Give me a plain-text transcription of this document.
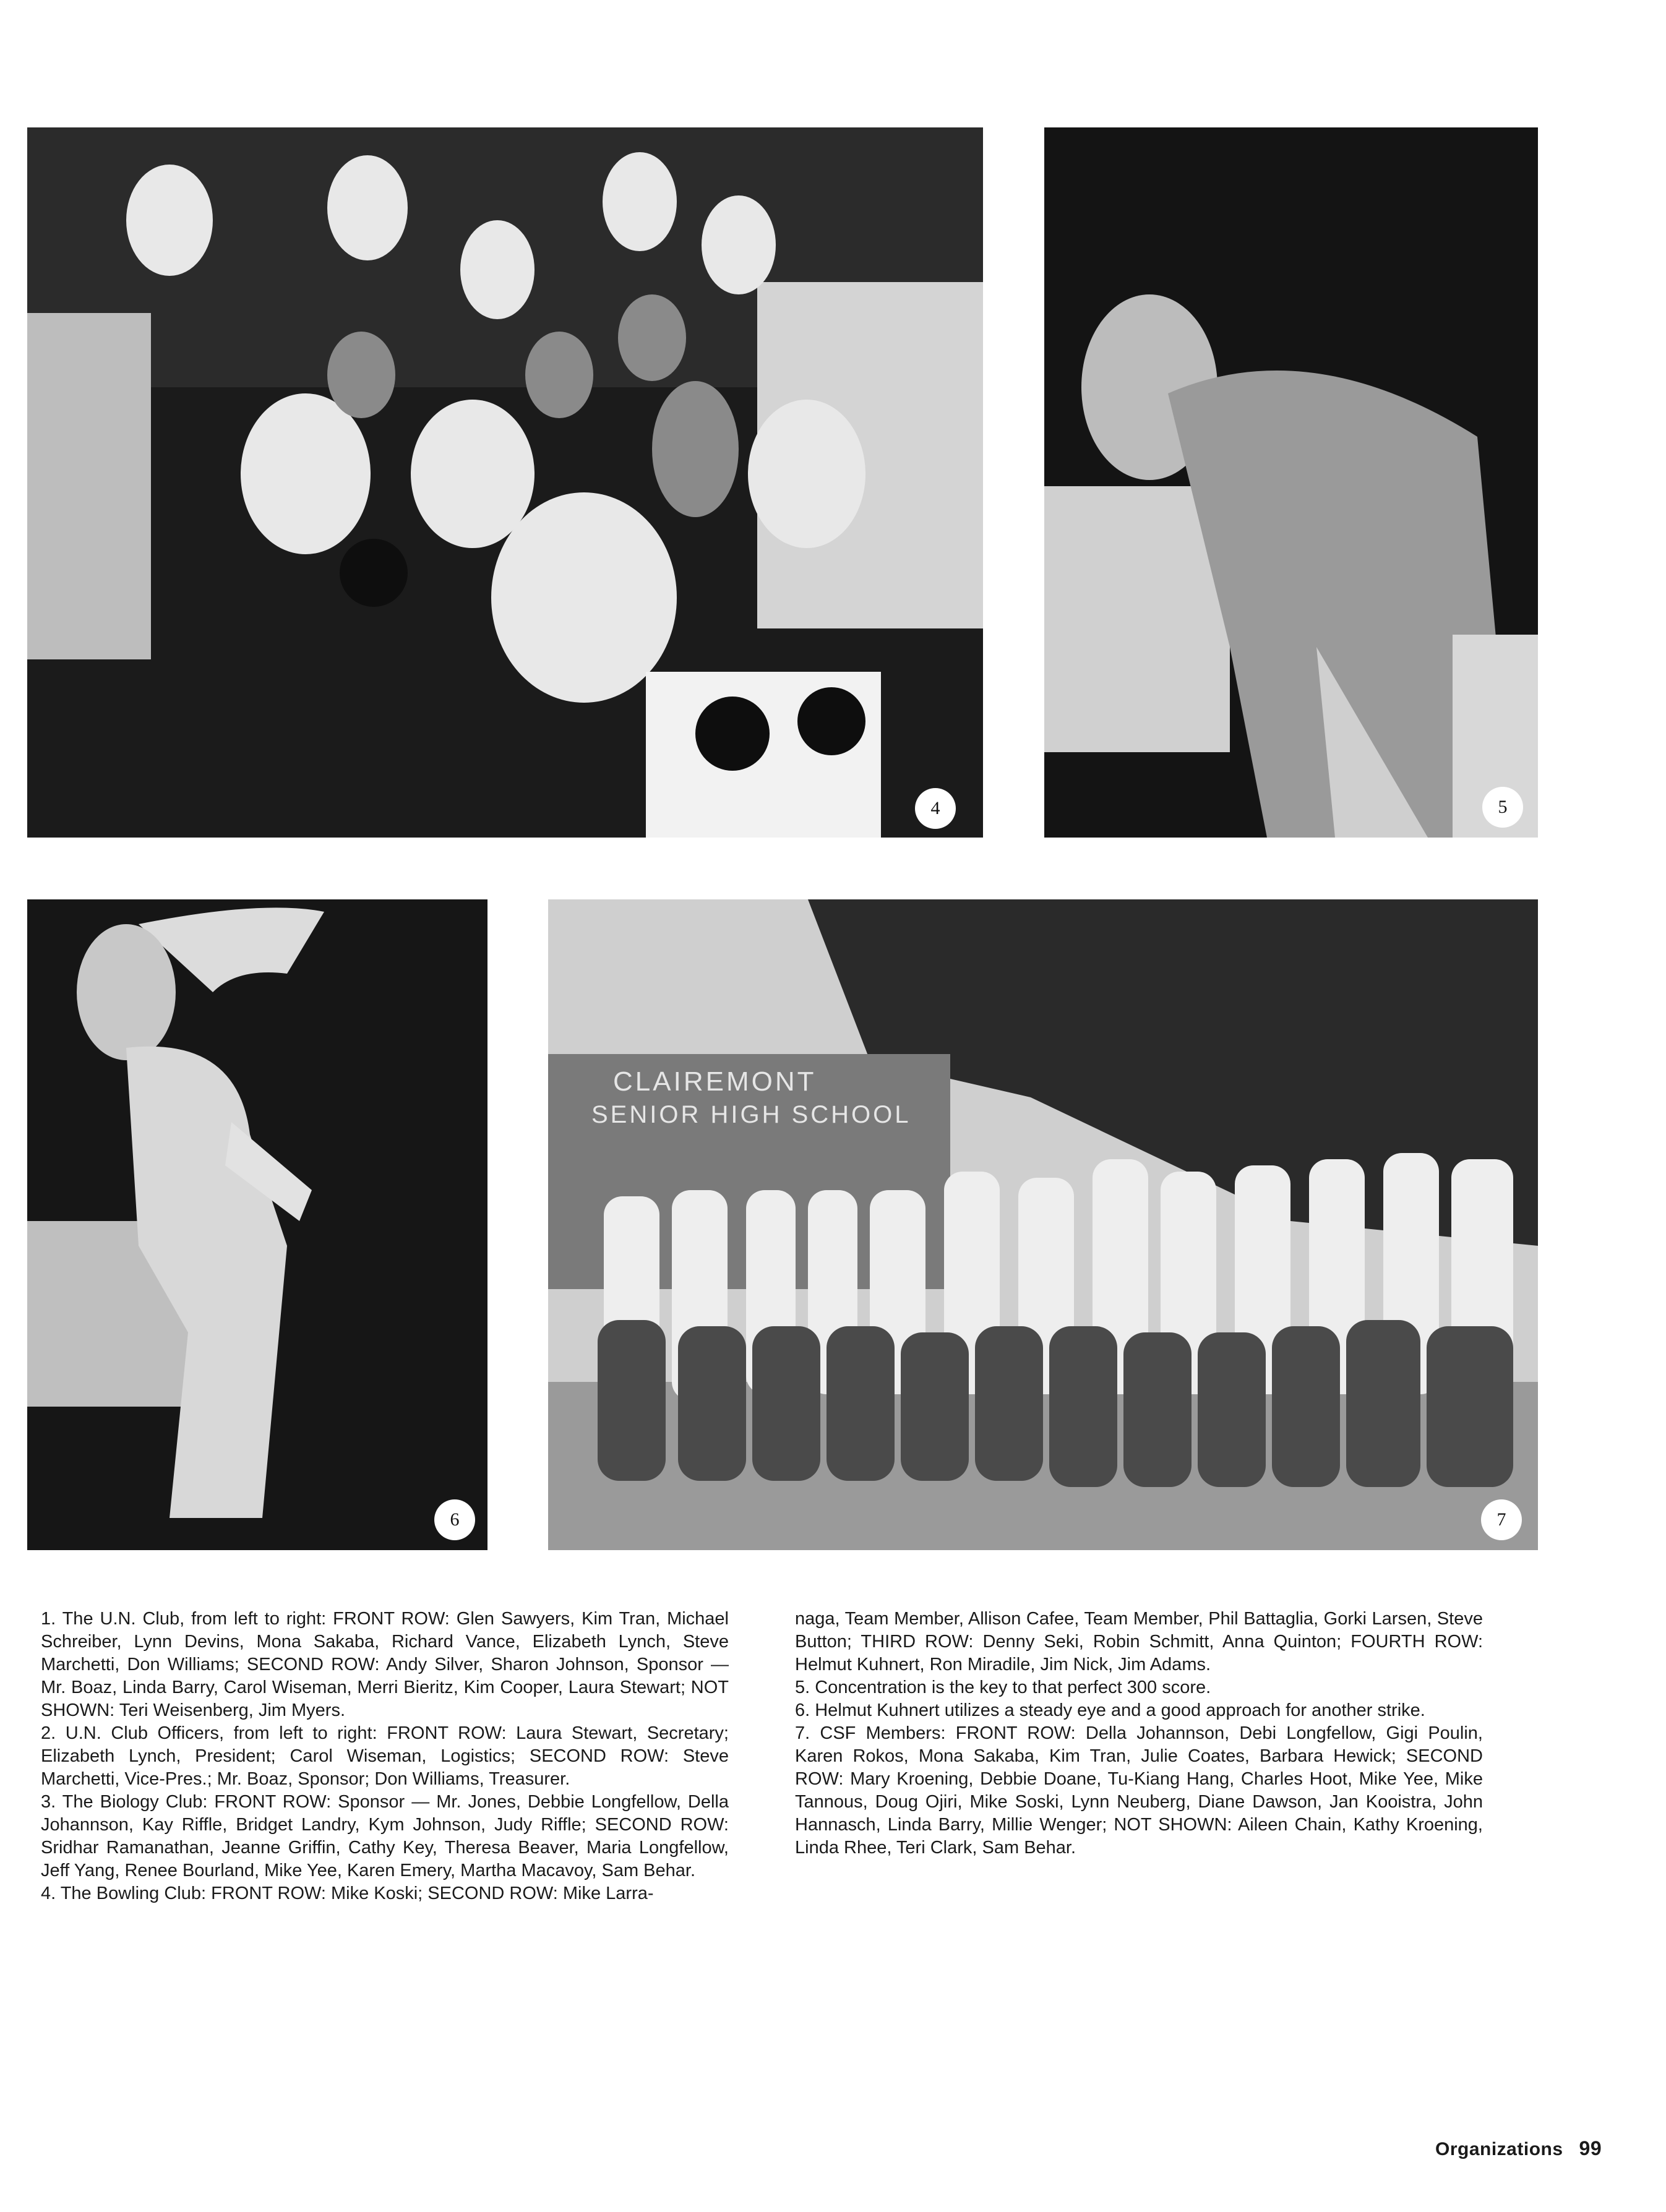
4	5
6
CLAIREMONT
SENIOR HIGH SCHOOL
7

1. The U.N. Club, from left to right: FRONT ROW: Glen Sawyers, Kim Tran, Michael Schreiber, Lynn Devins, Mona Sakaba, Richard Vance, Elizabeth Lynch, Steve Marchetti, Don Williams; SECOND ROW: Andy Silver, Sharon Johnson, Sponsor — Mr. Boaz, Linda Barry, Carol Wiseman, Merri Bieritz, Kim Cooper, Laura Stewart; NOT SHOWN: Teri Weisenberg, Jim Myers.

2. U.N. Club Officers, from left to right: FRONT ROW: Laura Stewart, Secretary; Elizabeth Lynch, President; Carol Wiseman, Logistics; SECOND ROW: Steve Marchetti, Vice-Pres.; Mr. Boaz, Sponsor; Don Williams, Treasurer.

3. The Biology Club: FRONT ROW: Sponsor — Mr. Jones, Debbie Longfellow, Della Johannson, Kay Riffle, Bridget Landry, Kym Johnson, Judy Riffle; SECOND ROW: Sridhar Ramanathan, Jeanne Griffin, Cathy Key, Theresa Beaver, Maria Longfellow, Jeff Yang, Renee Bourland, Mike Yee, Karen Emery, Martha Macavoy, Sam Behar.

4. The Bowling Club: FRONT ROW: Mike Koski; SECOND ROW: Mike Larra-

naga, Team Member, Allison Cafee, Team Member, Phil Battaglia, Gorki Larsen, Steve Button; THIRD ROW: Denny Seki, Robin Schmitt, Anna Quinton; FOURTH ROW: Helmut Kuhnert, Ron Miradile, Jim Nick, Jim Adams.

5. Concentration is the key to that perfect 300 score.

6. Helmut Kuhnert utilizes a steady eye and a good approach for another strike.

7. CSF Members: FRONT ROW: Della Johannson, Debi Longfellow, Gigi Poulin, Karen Rokos, Mona Sakaba, Kim Tran, Julie Coates, Barbara Hewick; SECOND ROW: Mary Kroening, Debbie Doane, Tu-Kiang Hang, Charles Hoot, Mike Yee, Mike Tannous, Doug Ojiri, Mike Soski, Lynn Neuberg, Diane Dawson, Jan Kooistra, John Hannasch, Linda Barry, Millie Wenger; NOT SHOWN: Aileen Chain, Kathy Kroening, Linda Rhee, Teri Clark, Sam Behar.

Organizations 99
